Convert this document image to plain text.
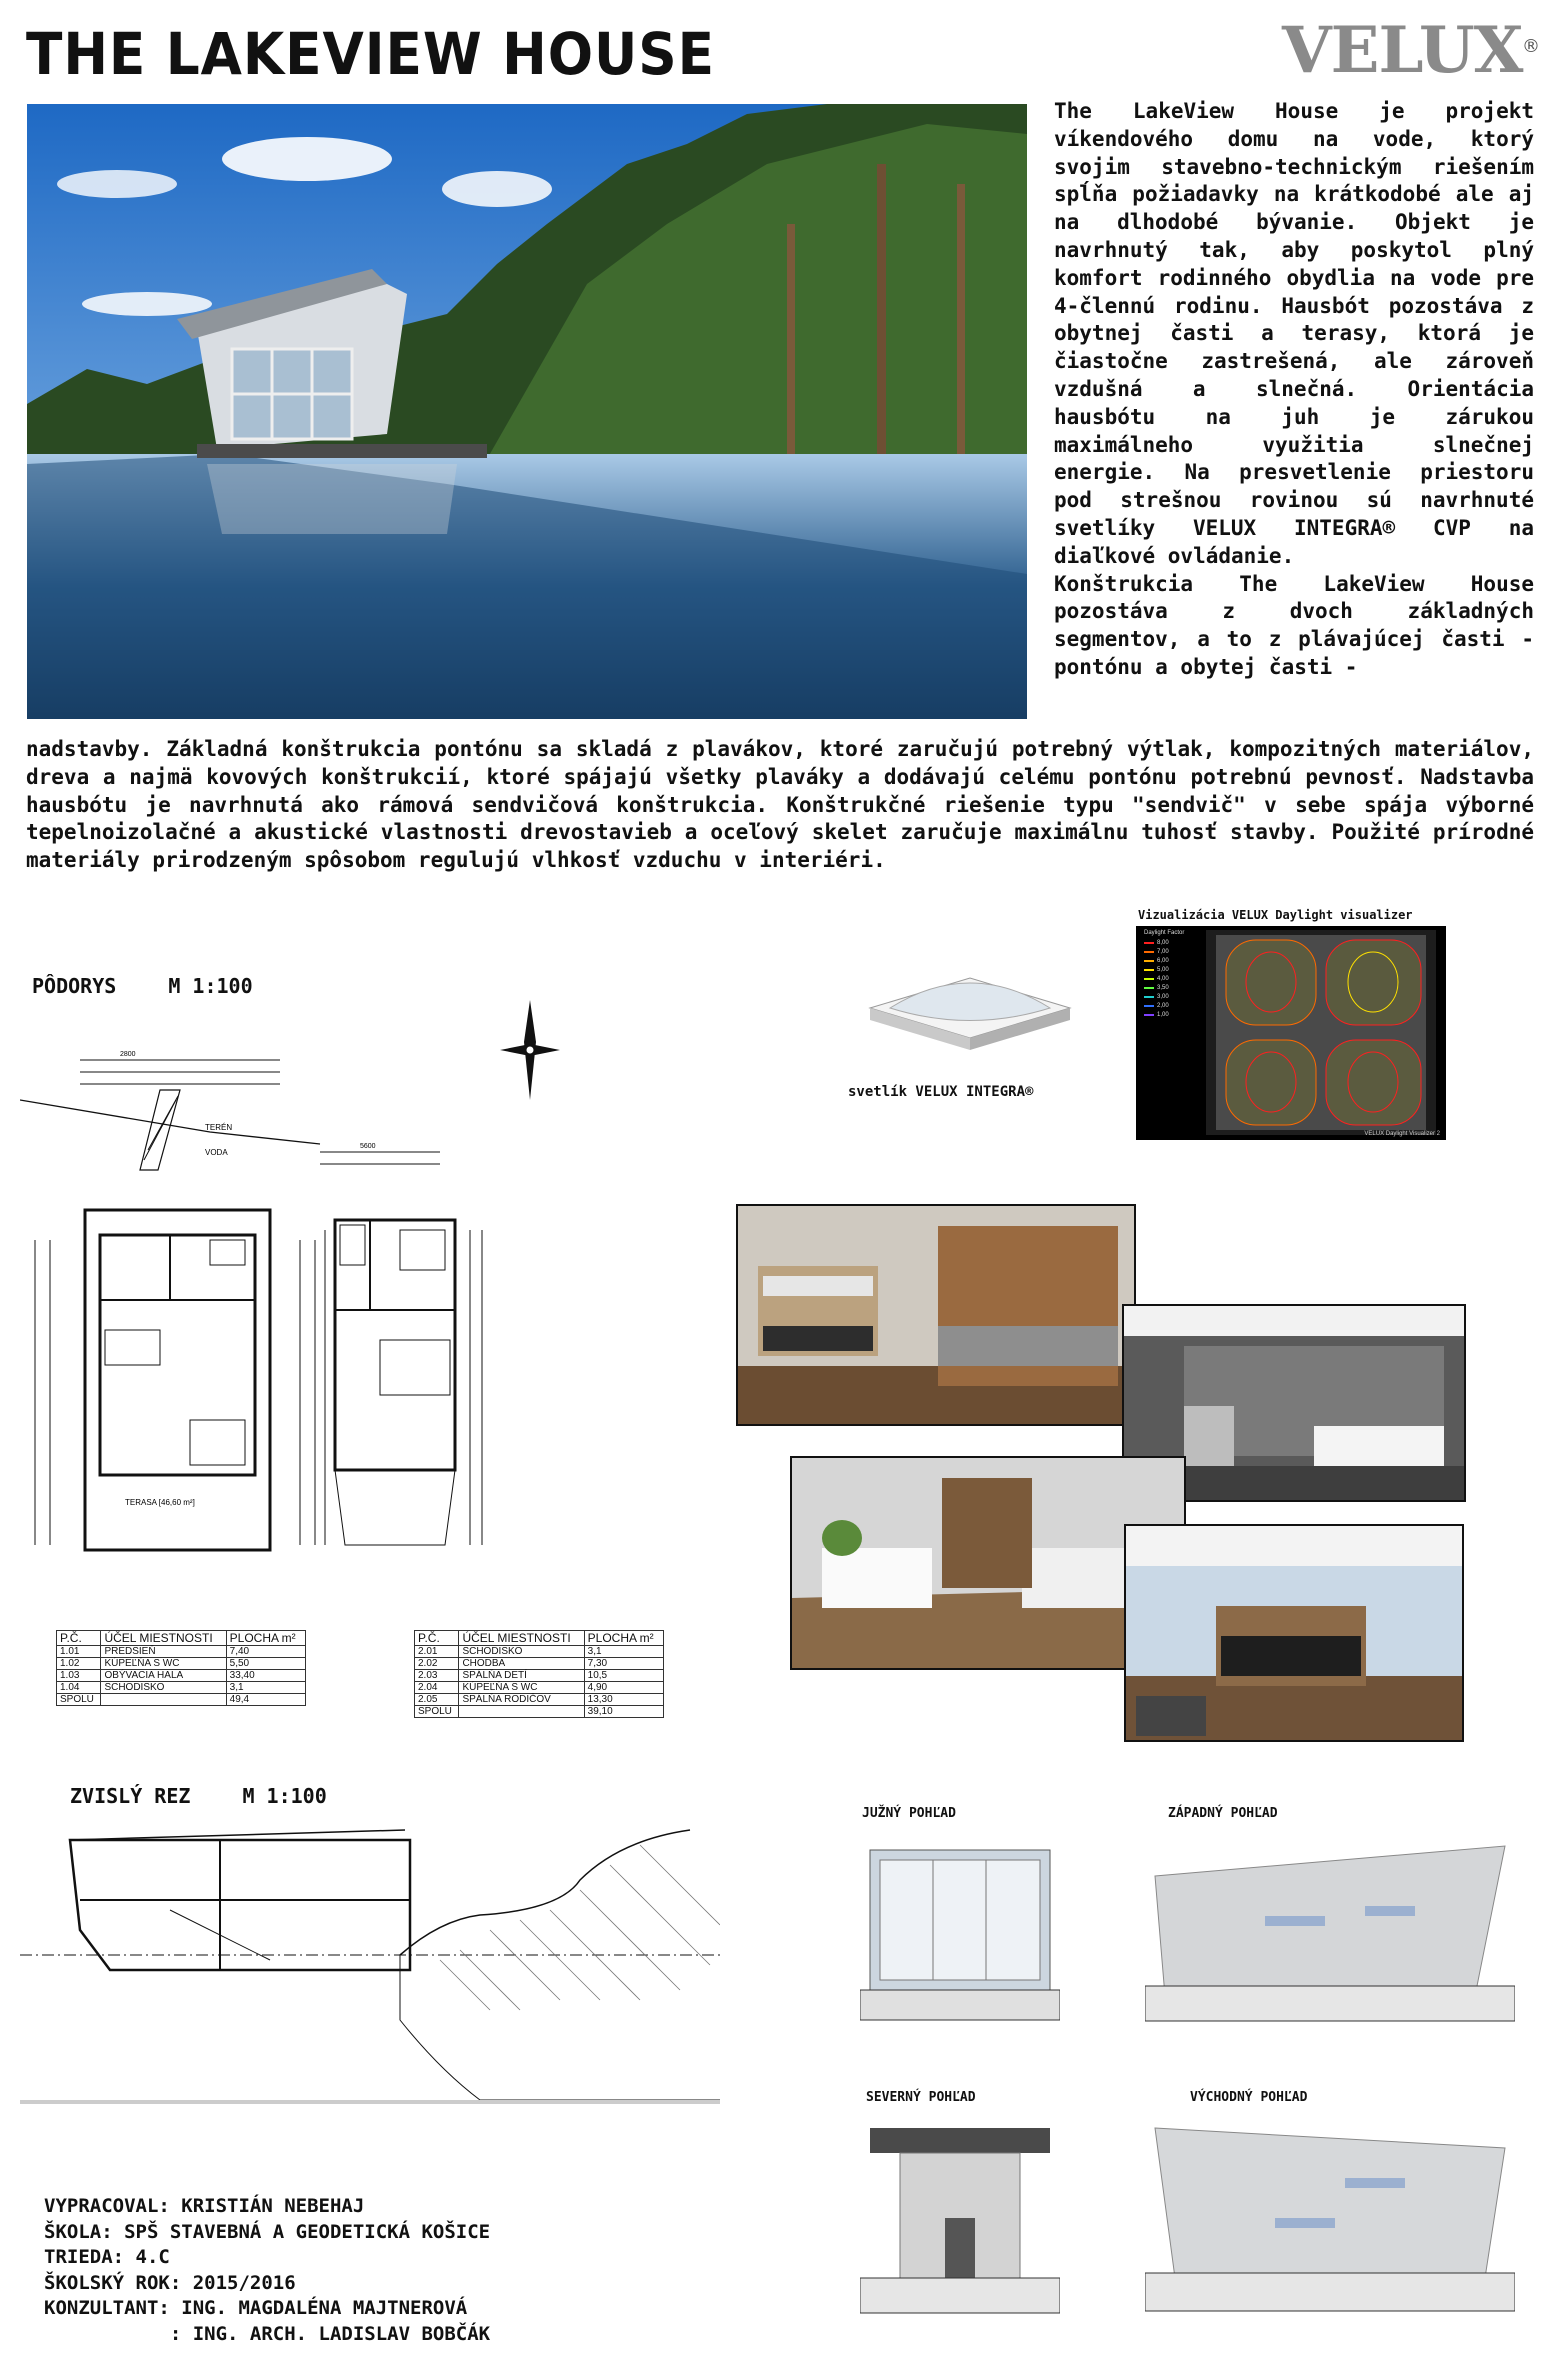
THE LAKEVIEW HOUSE	VELUX ®

The LakeView House je projekt víkendového domu na vode, ktorý svojim stavebno-technickým riešením spĺňa požiadavky na krátkodobé ale aj na dlhodobé bývanie. Objekt je navrhnutý tak, aby poskytol plný komfort rodinného obydlia na vode pre 4-člennú rodinu. Hausbót pozostáva z obytnej časti a terasy, ktorá je čiastočne zastrešená, ale zároveň vzdušná a slnečná. Orientácia hausbótu na juh je zárukou maximálneho využitia slnečnej energie. Na presvetlenie priestoru pod strešnou rovinou sú navrhnuté svetlíky VELUX INTEGRA® CVP na diaľkové ovládanie.

Konštrukcia The LakeView House pozostáva z dvoch základných segmentov, a to z plávajúcej časti - pontónu a obytej časti -

nadstavby. Základná konštrukcia pontónu sa skladá z plavákov, ktoré zaručujú potrebný výtlak, kompozitných materiálov, dreva a najmä kovových konštrukcií, ktoré spájajú všetky plaváky a dodávajú celému pontónu potrebnú pevnosť. Nadstavba hausbótu je navrhnutá ako rámová sendvičová konštrukcia. Konštrukčné riešenie typu "sendvič" v sebe spája výborné tepelnoizolačné a akustické vlastnosti drevostavieb a oceľový skelet zaručuje maximálnu tuhosť stavby. Použité prírodné materiály prirodzeným spôsobom regulujú vlhkosť vzduchu v interiéri.

PÔDORYS	M 1:100
2800
5600
TERÉN
VODA
TERASA [46,60 m²]
svetlík VELUX INTEGRA®
Vizualizácia VELUX Daylight visualizer
Daylight Factor
8,00
7,00
6,00
5,00
4,00
3,50
3,00
2,00
1,00
VELUX Daylight Visualizer 2
P.Č.	ÚČEL MIESTNOSTI	PLOCHA m²
1.01	PREDSIEŇ	7,40
1.02	KÚPEĽŇA S WC	5,50
1.03	OBÝVACIA HALA	33,40
1.04	SCHODISKO	3,1
SPOLU		49,4
P.Č.	ÚČEL MIESTNOSTI	PLOCHA m²
2.01	SCHODISKO	3,1
2.02	CHODBA	7,30
2.03	SPÁLŇA DETÍ	10,5
2.04	KÚPEĽŇA S WC	4,90
2.05	SPÁLŇA RODIČOV	13,30
SPOLU		39,10
ZVISLÝ REZ	M 1:100
JUŽNÝ POHĽAD	ZÁPADNÝ POHĽAD
SEVERNÝ POHĽAD	VÝCHODNÝ POHĽAD
VYPRACOVAL: KRISTIÁN NEBEHAJ
ŠKOLA: SPŠ STAVEBNÁ A GEODETICKÁ KOŠICE
TRIEDA: 4.C
ŠKOLSKÝ ROK: 2015/2016
KONZULTANT: ING. MAGDALÉNA MAJTNEROVÁ
: ING. ARCH. LADISLAV BOBČÁK
